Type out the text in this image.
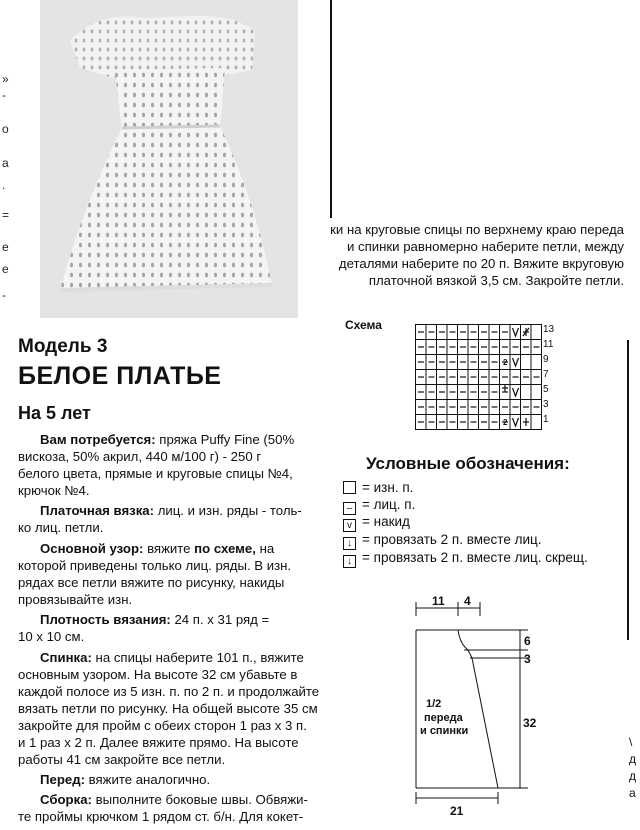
»
-
о
а
.
=
е
е
-
Модель 3
БЕЛОЕ ПЛАТЬЕ
На 5 лет
Вам потребуется: пряжа Puffy Fine (50%
вискоза, 50% акрил, 440 м/100 г) - 250 г
белого цвета, прямые и круговые спицы №4,
крючок №4.
Платочная вязка: лиц. и изн. ряды - толь-
ко лиц. петли.
Основной узор: вяжите по схеме, на
которой приведены только лиц. ряды. В изн.
рядах все петли вяжите по рисунку, накиды
провязывайте изн.
Плотность вязания: 24 п. х 31 ряд =
10 х 10 см.
Спинка: на спицы наберите 101 п., вяжите
основным узором. На высоте 32 см убавьте в
каждой полосе из 5 изн. п. по 2 п. и продолжайте
вязать петли по рисунку. На общей высоте 35 см
закройте для пройм с обеих сторон 1 раз х 3 п.
и 1 раз х 2 п. Далее вяжите прямо. На высоте
работы 41 см закройте все петли.
Перед: вяжите аналогично.
Сборка: выполните боковые швы. Обвяжи-
те проймы крючком 1 рядом ст. б/н. Для кокет-
ки на круговые спицы по верхнему краю переда
и спинки равномерно наберите петли, между
деталями наберите по 20 п. Вяжите вкруговую
платочной вязкой 3,5 см. Закройте петли.
Схема
2
2
13
11
9
7
5
3
1
Условные обозначения:
= изн. п.
– = лиц. п.
v = накид
↓ = провязать 2 п. вместе лиц.
↓ = провязать 2 п. вместе лиц. скрещ.
11 4
6
3
32
21
1/2
переда
и спинки
\
д
д
а
